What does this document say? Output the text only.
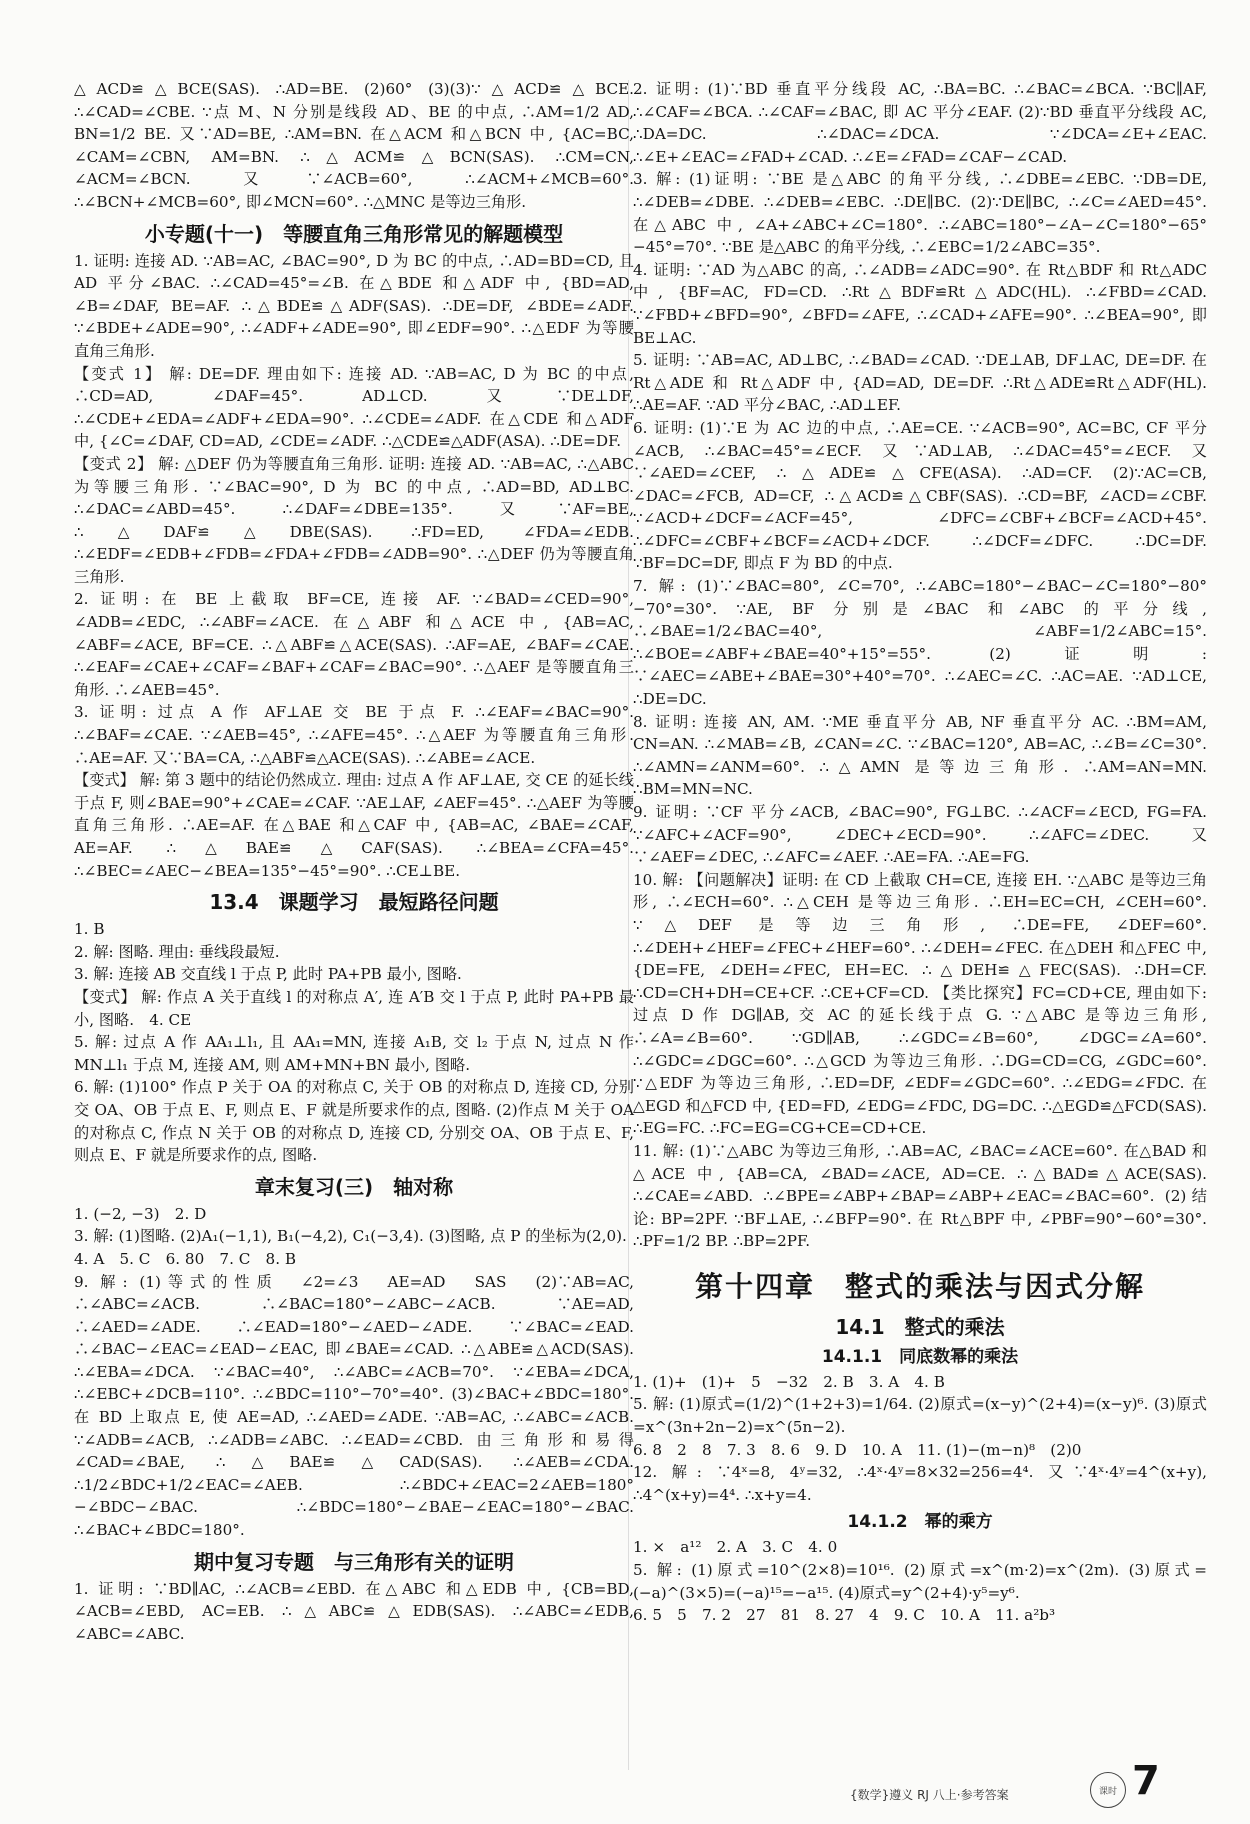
△ACD≌△BCE(SAS). ∴AD=BE. (2)60° (3)(3)∵△ACD≌△BCE. ∴∠CAD=∠CBE. ∵点 M、N 分别是线段 AD、BE 的中点, ∴AM=1/2 AD, BN=1/2 BE. 又∵AD=BE, ∴AM=BN. 在△ACM 和△BCN 中, {AC=BC, ∠CAM=∠CBN, AM=BN. ∴△ACM≌△BCN(SAS). ∴CM=CN, ∠ACM=∠BCN. 又∵∠ACB=60°, ∴∠ACM+∠MCB=60°. ∴∠BCN+∠MCB=60°, 即∠MCN=60°. ∴△MNC 是等边三角形.

小专题(十一)　等腰直角三角形常见的解题模型

1. 证明: 连接 AD. ∵AB=AC, ∠BAC=90°, D 为 BC 的中点, ∴AD=BD=CD, 且 AD 平分∠BAC. ∴∠CAD=45°=∠B. 在△BDE 和△ADF 中, {BD=AD, ∠B=∠DAF, BE=AF. ∴△BDE≌△ADF(SAS). ∴DE=DF, ∠BDE=∠ADF. ∵∠BDE+∠ADE=90°, ∴∠ADF+∠ADE=90°, 即∠EDF=90°. ∴△EDF 为等腰直角三角形.

【变式 1】 解: DE=DF. 理由如下: 连接 AD. ∵AB=AC, D 为 BC 的中点, ∴CD=AD, ∠DAF=45°. AD⊥CD. 又∵DE⊥DF, ∴∠CDE+∠EDA=∠ADF+∠EDA=90°. ∴∠CDE=∠ADF. 在△CDE 和△ADF 中, {∠C=∠DAF, CD=AD, ∠CDE=∠ADF. ∴△CDE≌△ADF(ASA). ∴DE=DF.

【变式 2】 解: △DEF 仍为等腰直角三角形. 证明: 连接 AD. ∵AB=AC, ∴△ABC 为等腰三角形. ∵∠BAC=90°, D 为 BC 的中点, ∴AD=BD, AD⊥BC. ∴∠DAC=∠ABD=45°. ∴∠DAF=∠DBE=135°. 又∵AF=BE, ∴△DAF≌△DBE(SAS). ∴FD=ED, ∠FDA=∠EDB. ∴∠EDF=∠EDB+∠FDB=∠FDA+∠FDB=∠ADB=90°. ∴△DEF 仍为等腰直角三角形.

2. 证明: 在 BE 上截取 BF=CE, 连接 AF. ∵∠BAD=∠CED=90°, ∠ADB=∠EDC, ∴∠ABF=∠ACE. 在△ABF 和△ACE 中, {AB=AC, ∠ABF=∠ACE, BF=CE. ∴△ABF≌△ACE(SAS). ∴AF=AE, ∠BAF=∠CAE. ∴∠EAF=∠CAE+∠CAF=∠BAF+∠CAF=∠BAC=90°. ∴△AEF 是等腰直角三角形. ∴∠AEB=45°.

3. 证明: 过点 A 作 AF⊥AE 交 BE 于点 F. ∴∠EAF=∠BAC=90°. ∴∠BAF=∠CAE. ∵∠AEB=45°, ∴∠AFE=45°. ∴△AEF 为等腰直角三角形. ∴AE=AF. 又∵BA=CA, ∴△ABF≌△ACE(SAS). ∴∠ABE=∠ACE.

【变式】 解: 第 3 题中的结论仍然成立. 理由: 过点 A 作 AF⊥AE, 交 CE 的延长线于点 F, 则∠BAE=90°+∠CAE=∠CAF. ∵AE⊥AF, ∠AEF=45°. ∴△AEF 为等腰直角三角形. ∴AE=AF. 在△BAE 和△CAF 中, {AB=AC, ∠BAE=∠CAF, AE=AF. ∴△BAE≌△CAF(SAS). ∴∠BEA=∠CFA=45°. ∴∠BEC=∠AEC−∠BEA=135°−45°=90°. ∴CE⊥BE.

13.4　课题学习　最短路径问题

1. B

2. 解: 图略. 理由: 垂线段最短.

3. 解: 连接 AB 交直线 l 于点 P, 此时 PA+PB 最小, 图略.

【变式】 解: 作点 A 关于直线 l 的对称点 A′, 连 A′B 交 l 于点 P, 此时 PA+PB 最小, 图略.　4. CE

5. 解: 过点 A 作 AA₁⊥l₁, 且 AA₁=MN, 连接 A₁B, 交 l₂ 于点 N, 过点 N 作 MN⊥l₁ 于点 M, 连接 AM, 则 AM+MN+BN 最小, 图略.

6. 解: (1)100° 作点 P 关于 OA 的对称点 C, 关于 OB 的对称点 D, 连接 CD, 分别交 OA、OB 于点 E、F, 则点 E、F 就是所要求作的点, 图略. (2)作点 M 关于 OA 的对称点 C, 作点 N 关于 OB 的对称点 D, 连接 CD, 分别交 OA、OB 于点 E、F, 则点 E、F 就是所要求作的点, 图略.

章末复习(三)　轴对称

1. (−2, −3)　2. D

3. 解: (1)图略. (2)A₁(−1,1), B₁(−4,2), C₁(−3,4). (3)图略, 点 P 的坐标为(2,0).

4. A　5. C　6. 80　7. C　8. B

9. 解: (1)等式的性质　∠2=∠3　AE=AD　SAS　(2)∵AB=AC, ∴∠ABC=∠ACB. ∴∠BAC=180°−∠ABC−∠ACB. ∵AE=AD, ∴∠AED=∠ADE. ∴∠EAD=180°−∠AED−∠ADE. ∵∠BAC=∠EAD. ∴∠BAC−∠EAC=∠EAD−∠EAC, 即∠BAE=∠CAD. ∴△ABE≌△ACD(SAS). ∴∠EBA=∠DCA. ∵∠BAC=40°, ∴∠ABC=∠ACB=70°. ∵∠EBA=∠DCA, ∴∠EBC+∠DCB=110°. ∴∠BDC=110°−70°=40°. (3)∠BAC+∠BDC=180°. 在 BD 上取点 E, 使 AE=AD, ∴∠AED=∠ADE. ∵AB=AC, ∴∠ABC=∠ACB. ∵∠ADB=∠ACB, ∴∠ADB=∠ABC. ∴∠EAD=∠CBD. 由三角形和易得∠CAD=∠BAE, ∴△BAE≌△CAD(SAS). ∴∠AEB=∠CDA. ∴1/2∠BDC+1/2∠EAC=∠AEB. ∴∠BDC+∠EAC=2∠AEB=180°−∠BDC−∠BAC. ∴∠BDC=180°−∠BAE−∠EAC=180°−∠BAC. ∴∠BAC+∠BDC=180°.

期中复习专题　与三角形有关的证明

1. 证明: ∵BD∥AC, ∴∠ACB=∠EBD. 在△ABC 和△EDB 中, {CB=BD, ∠ACB=∠EBD, AC=EB. ∴△ABC≌△EDB(SAS). ∴∠ABC=∠EDB, ∠ABC=∠ABC.

2. 证明: (1)∵BD 垂直平分线段 AC, ∴BA=BC. ∴∠BAC=∠BCA. ∵BC∥AF, ∴∠CAF=∠BCA. ∴∠CAF=∠BAC, 即 AC 平分∠EAF. (2)∵BD 垂直平分线段 AC, ∴DA=DC. ∴∠DAC=∠DCA. ∵∠DCA=∠E+∠EAC. ∴∠E+∠EAC=∠FAD+∠CAD. ∴∠E=∠FAD=∠CAF−∠CAD.

3. 解: (1)证明: ∵BE 是△ABC 的角平分线, ∴∠DBE=∠EBC. ∵DB=DE, ∴∠DEB=∠DBE. ∴∠DEB=∠EBC. ∴DE∥BC. (2)∵DE∥BC, ∴∠C=∠AED=45°. 在△ABC 中, ∠A+∠ABC+∠C=180°. ∴∠ABC=180°−∠A−∠C=180°−65°−45°=70°. ∵BE 是△ABC 的角平分线, ∴∠EBC=1/2∠ABC=35°.

4. 证明: ∵AD 为△ABC 的高, ∴∠ADB=∠ADC=90°. 在 Rt△BDF 和 Rt△ADC 中, {BF=AC, FD=CD. ∴Rt△BDF≌Rt△ADC(HL). ∴∠FBD=∠CAD. ∵∠FBD+∠BFD=90°, ∠BFD=∠AFE, ∴∠CAD+∠AFE=90°. ∴∠BEA=90°, 即 BE⊥AC.

5. 证明: ∵AB=AC, AD⊥BC, ∴∠BAD=∠CAD. ∵DE⊥AB, DF⊥AC, DE=DF. 在 Rt△ADE 和 Rt△ADF 中, {AD=AD, DE=DF. ∴Rt△ADE≌Rt△ADF(HL). ∴AE=AF. ∵AD 平分∠BAC, ∴AD⊥EF.

6. 证明: (1)∵E 为 AC 边的中点, ∴AE=CE. ∵∠ACB=90°, AC=BC, CF 平分∠ACB, ∴∠BAC=45°=∠ECF. 又∵AD⊥AB, ∴∠DAC=45°=∠ECF. 又∵∠AED=∠CEF, ∴△ADE≌△CFE(ASA). ∴AD=CF. (2)∵AC=CB, ∠DAC=∠FCB, AD=CF, ∴△ACD≌△CBF(SAS). ∴CD=BF, ∠ACD=∠CBF. ∵∠ACD+∠DCF=∠ACF=45°, ∠DFC=∠CBF+∠BCF=∠ACD+45°. ∴∠DFC=∠CBF+∠BCF=∠ACD+∠DCF. ∴∠DCF=∠DFC. ∴DC=DF. ∵BF=DC=DF, 即点 F 为 BD 的中点.

7. 解: (1)∵∠BAC=80°, ∠C=70°, ∴∠ABC=180°−∠BAC−∠C=180°−80°−70°=30°. ∵AE, BF 分别是∠BAC 和∠ABC 的平分线, ∴∠BAE=1/2∠BAC=40°, ∠ABF=1/2∠ABC=15°. ∴∠BOE=∠ABF+∠BAE=40°+15°=55°. (2)证明: ∵∠AEC=∠ABE+∠BAE=30°+40°=70°. ∴∠AEC=∠C. ∴AC=AE. ∵AD⊥CE, ∴DE=DC.

8. 证明: 连接 AN, AM. ∵ME 垂直平分 AB, NF 垂直平分 AC. ∴BM=AM, CN=AN. ∴∠MAB=∠B, ∠CAN=∠C. ∵∠BAC=120°, AB=AC, ∴∠B=∠C=30°. ∴∠AMN=∠ANM=60°. ∴△AMN 是等边三角形. ∴AM=AN=MN. ∴BM=MN=NC.

9. 证明: ∵CF 平分∠ACB, ∠BAC=90°, FG⊥BC. ∴∠ACF=∠ECD, FG=FA. ∵∠AFC+∠ACF=90°, ∠DEC+∠ECD=90°. ∴∠AFC=∠DEC. 又∵∠AEF=∠DEC, ∴∠AFC=∠AEF. ∴AE=FA. ∴AE=FG.

10. 解: 【问题解决】证明: 在 CD 上截取 CH=CE, 连接 EH. ∵△ABC 是等边三角形, ∴∠ECH=60°. ∴△CEH 是等边三角形. ∴EH=EC=CH, ∠CEH=60°. ∵△DEF 是等边三角形, ∴DE=FE, ∠DEF=60°. ∴∠DEH+∠HEF=∠FEC+∠HEF=60°. ∴∠DEH=∠FEC. 在△DEH 和△FEC 中, {DE=FE, ∠DEH=∠FEC, EH=EC. ∴△DEH≌△FEC(SAS). ∴DH=CF. ∴CD=CH+DH=CE+CF. ∴CE+CF=CD. 【类比探究】FC=CD+CE, 理由如下: 过点 D 作 DG∥AB, 交 AC 的延长线于点 G. ∵△ABC 是等边三角形, ∴∠A=∠B=60°. ∵GD∥AB, ∴∠GDC=∠B=60°, ∠DGC=∠A=60°. ∴∠GDC=∠DGC=60°. ∴△GCD 为等边三角形. ∴DG=CD=CG, ∠GDC=60°. ∵△EDF 为等边三角形, ∴ED=DF, ∠EDF=∠GDC=60°. ∴∠EDG=∠FDC. 在△EGD 和△FCD 中, {ED=FD, ∠EDG=∠FDC, DG=DC. ∴△EGD≌△FCD(SAS). ∴EG=FC. ∴FC=EG=CG+CE=CD+CE.

11. 解: (1)∵△ABC 为等边三角形, ∴AB=AC, ∠BAC=∠ACE=60°. 在△BAD 和△ACE 中, {AB=CA, ∠BAD=∠ACE, AD=CE. ∴△BAD≌△ACE(SAS). ∴∠CAE=∠ABD. ∴∠BPE=∠ABP+∠BAP=∠ABP+∠EAC=∠BAC=60°. (2)结论: BP=2PF. ∵BF⊥AE, ∴∠BFP=90°. 在 Rt△BPF 中, ∠PBF=90°−60°=30°. ∴PF=1/2 BP. ∴BP=2PF.

第十四章　整式的乘法与因式分解
14.1　整式的乘法
14.1.1　同底数幂的乘法

1. (1)+　(1)+　5　−32　2. B　3. A　4. B

5. 解: (1)原式=(1/2)^(1+2+3)=1/64. (2)原式=(x−y)^(2+4)=(x−y)⁶. (3)原式=x^(3n+2n−2)=x^(5n−2).

6. 8　2　8　7. 3　8. 6　9. D　10. A　11. (1)−(m−n)⁸　(2)0

12. 解: ∵4ˣ=8, 4ʸ=32, ∴4ˣ·4ʸ=8×32=256=4⁴. 又∵4ˣ·4ʸ=4^(x+y), ∴4^(x+y)=4⁴. ∴x+y=4.

14.1.2　幂的乘方

1. ×　a¹²　2. A　3. C　4. 0

5. 解: (1)原式=10^(2×8)=10¹⁶. (2)原式=x^(m·2)=x^(2m). (3)原式=(−a)^(3×5)=(−a)¹⁵=−a¹⁵. (4)原式=y^(2+4)·y⁵=y⁶.

6. 5　5　7. 2　27　81　8. 27　4　9. C　10. A　11. a²b³

{数学}遵义 RJ 八上·参考答案	课时 7
